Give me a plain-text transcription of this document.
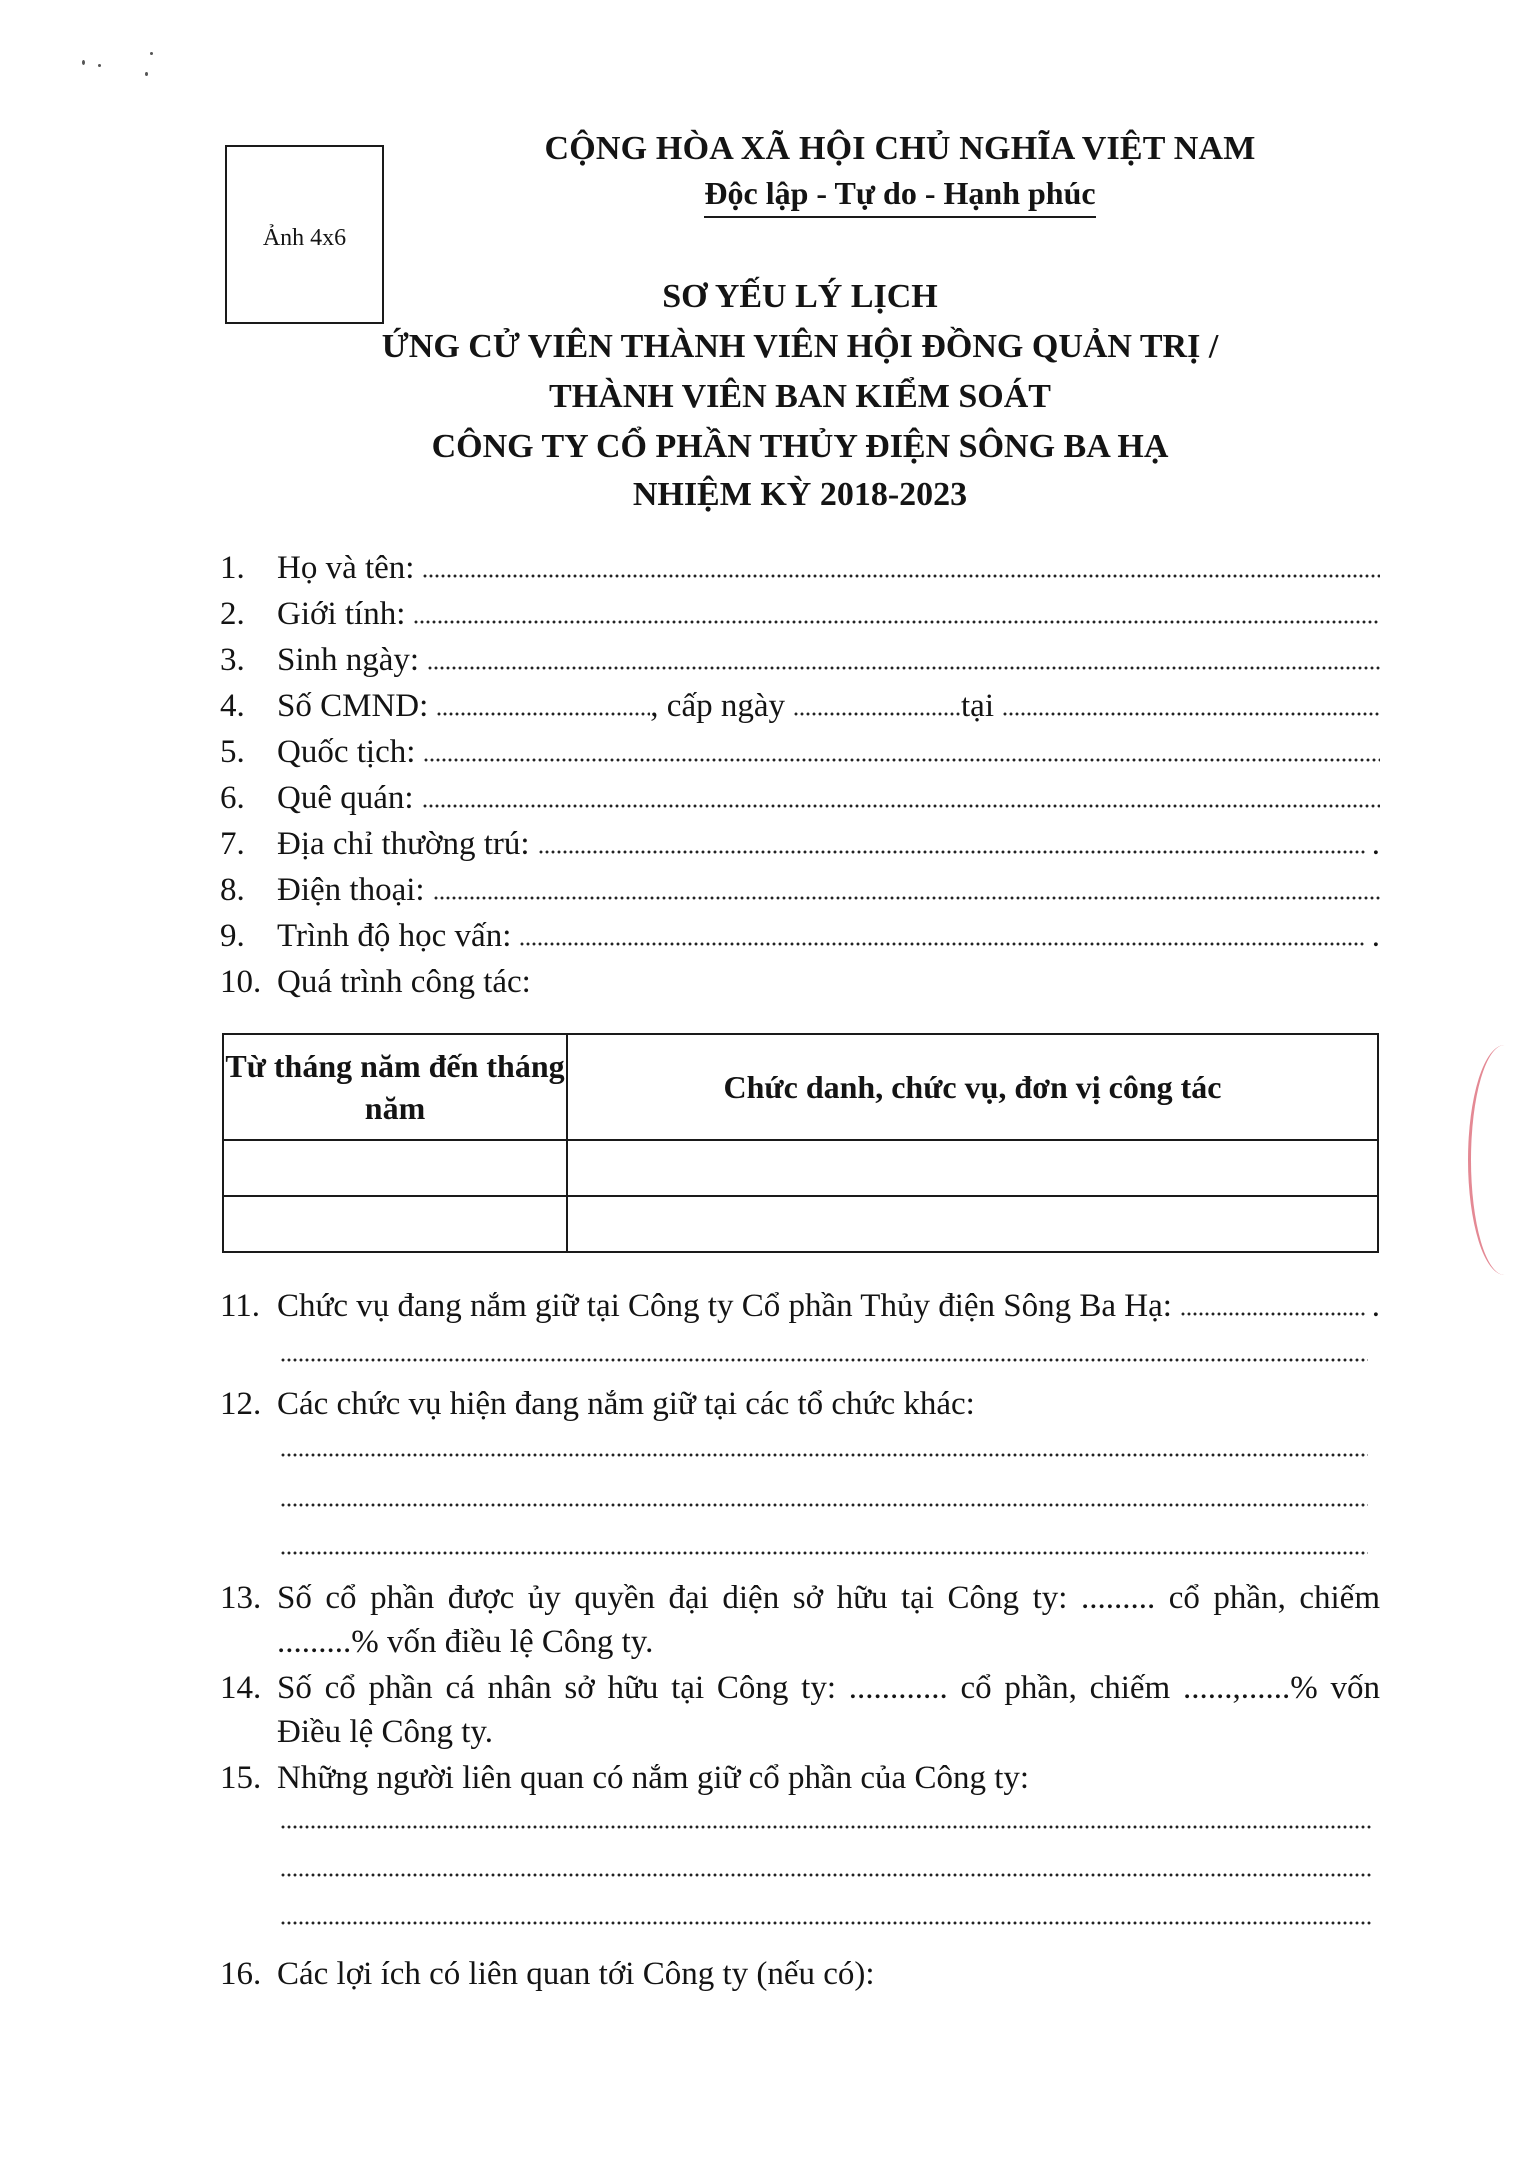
Ảnh 4x6
CỘNG HÒA XÃ HỘI CHỦ NGHĨA VIỆT NAM
Độc lập - Tự do - Hạnh phúc
SƠ YẾU LÝ LỊCH
ỨNG CỬ VIÊN THÀNH VIÊN HỘI ĐỒNG QUẢN TRỊ /
THÀNH VIÊN BAN KIỂM SOÁT
CÔNG TY CỔ PHẦN THỦY ĐIỆN SÔNG BA HẠ
NHIỆM KỲ 2018-2023
1. Họ và tên:
2. Giới tính:
3. Sinh ngày:
4. Số CMND:	, cấp ngày	tại
5. Quốc tịch:
6. Quê quán:
7. Địa chỉ thường trú:	.
8. Điện thoại:
9. Trình độ học vấn:	.
10. Quá trình công tác:
Từ tháng năm đến tháng năm	Chức danh, chức vụ, đơn vị công tác

11. Chức vụ đang nắm giữ tại Công ty Cổ phần Thủy điện Sông Ba Hạ:	.
12. Các chức vụ hiện đang nắm giữ tại các tổ chức khác:
13. Số cổ phần được ủy quyền đại diện sở hữu tại Công ty: ......... cổ phần, chiếm .........% vốn điều lệ Công ty.
14. Số cổ phần cá nhân sở hữu tại Công ty: ............ cổ phần, chiếm ......,......% vốn Điều lệ Công ty.
15. Những người liên quan có nắm giữ cổ phần của Công ty:
16. Các lợi ích có liên quan tới Công ty (nếu có):
